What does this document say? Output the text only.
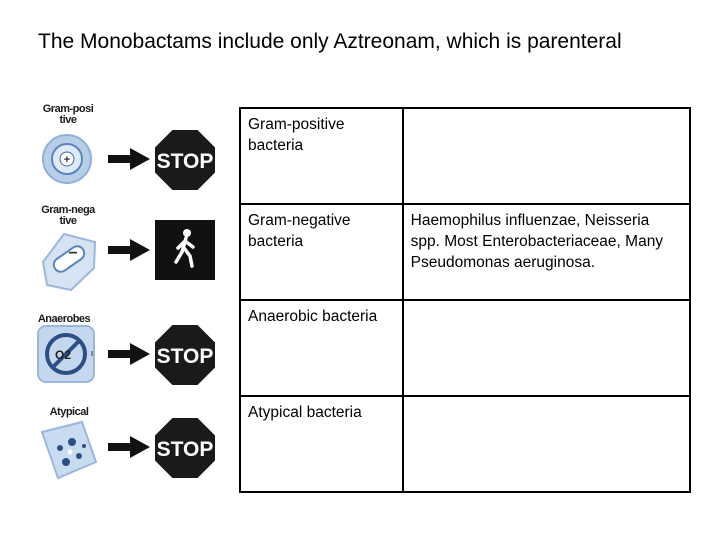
The Monobactams include only Aztreonam, which is parenteral
+	STOP
−
O2	STOP
STOP
Gram-positive
Gram-negative
Anaerobes
Atypical
Gram-positive bacteria	
Gram-negative bacteria	Haemophilus influenzae, Neisseria spp. Most Enterobacteriaceae, Many Pseudomonas aeruginosa.
Anaerobic bacteria	
Atypical bacteria	
